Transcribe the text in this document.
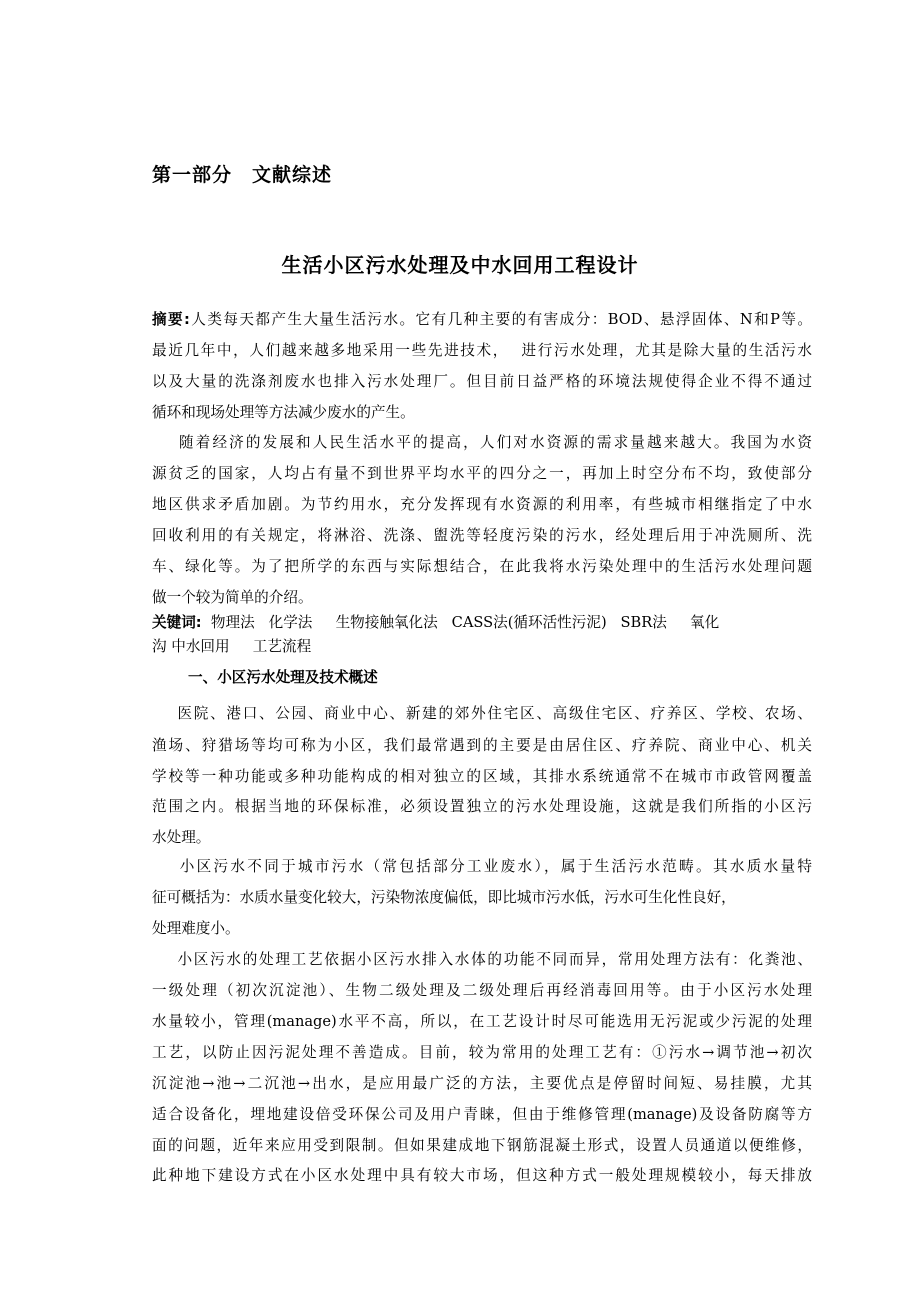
第一部分　文献综述
生活小区污水处理及中水回用工程设计
摘要:人类每天都产生大量生活污水。它有几种主要的有害成分：BOD、悬浮固体、N和P等。
最近几年中，人们越来越多地采用一些先进技术，  进行污水处理，尤其是除大量的生活污水
以及大量的洗涤剂废水也排入污水处理厂。但目前日益严格的环境法规使得企业不得不通过
循环和现场处理等方法减少废水的产生。
随着经济的发展和人民生活水平的提高，人们对水资源的需求量越来越大。我国为水资
源贫乏的国家，人均占有量不到世界平均水平的四分之一，再加上时空分布不均，致使部分
地区供求矛盾加剧。为节约用水，充分发挥现有水资源的利用率，有些城市相继指定了中水
回收利用的有关规定，将淋浴、洗涤、盥洗等轻度污染的污水，经处理后用于冲洗厕所、洗
车、绿化等。为了把所学的东西与实际想结合，在此我将水污染处理中的生活污水处理问题
做一个较为简单的介绍。
关键词:  物理法   化学法     生物接触氧化法   CASS法(循环活性污泥)   SBR法     氧化
沟 中水回用     工艺流程
一、小区污水处理及技术概述
医院、港口、公园、商业中心、新建的郊外住宅区、高级住宅区、疗养区、学校、农场、
渔场、狩猎场等均可称为小区，我们最常遇到的主要是由居住区、疗养院、商业中心、机关
学校等一种功能或多种功能构成的相对独立的区域，其排水系统通常不在城市市政管网覆盖
范围之内。根据当地的环保标准，必须设置独立的污水处理设施，这就是我们所指的小区污
水处理。
小区污水不同于城市污水（常包括部分工业废水），属于生活污水范畴。其水质水量特
征可概括为：水质水量变化较大，污染物浓度偏低，即比城市污水低，污水可生化性良好，
处理难度小。
小区污水的处理工艺依据小区污水排入水体的功能不同而异，常用处理方法有：化粪池、
一级处理（初次沉淀池）、生物二级处理及二级处理后再经消毒回用等。由于小区污水处理
水量较小，管理(manage)水平不高，所以，在工艺设计时尽可能选用无污泥或少污泥的处理
工艺，以防止因污泥处理不善造成。目前，较为常用的处理工艺有：①污水→调节池→初次
沉淀池→池→二沉池→出水，是应用最广泛的方法，主要优点是停留时间短、易挂膜，尤其
适合设备化，埋地建设倍受环保公司及用户青睐，但由于维修管理(manage)及设备防腐等方
面的问题，近年来应用受到限制。但如果建成地下钢筋混凝土形式，设置人员通道以便维修，
此种地下建设方式在小区水处理中具有较大市场，但这种方式一般处理规模较小，每天排放
